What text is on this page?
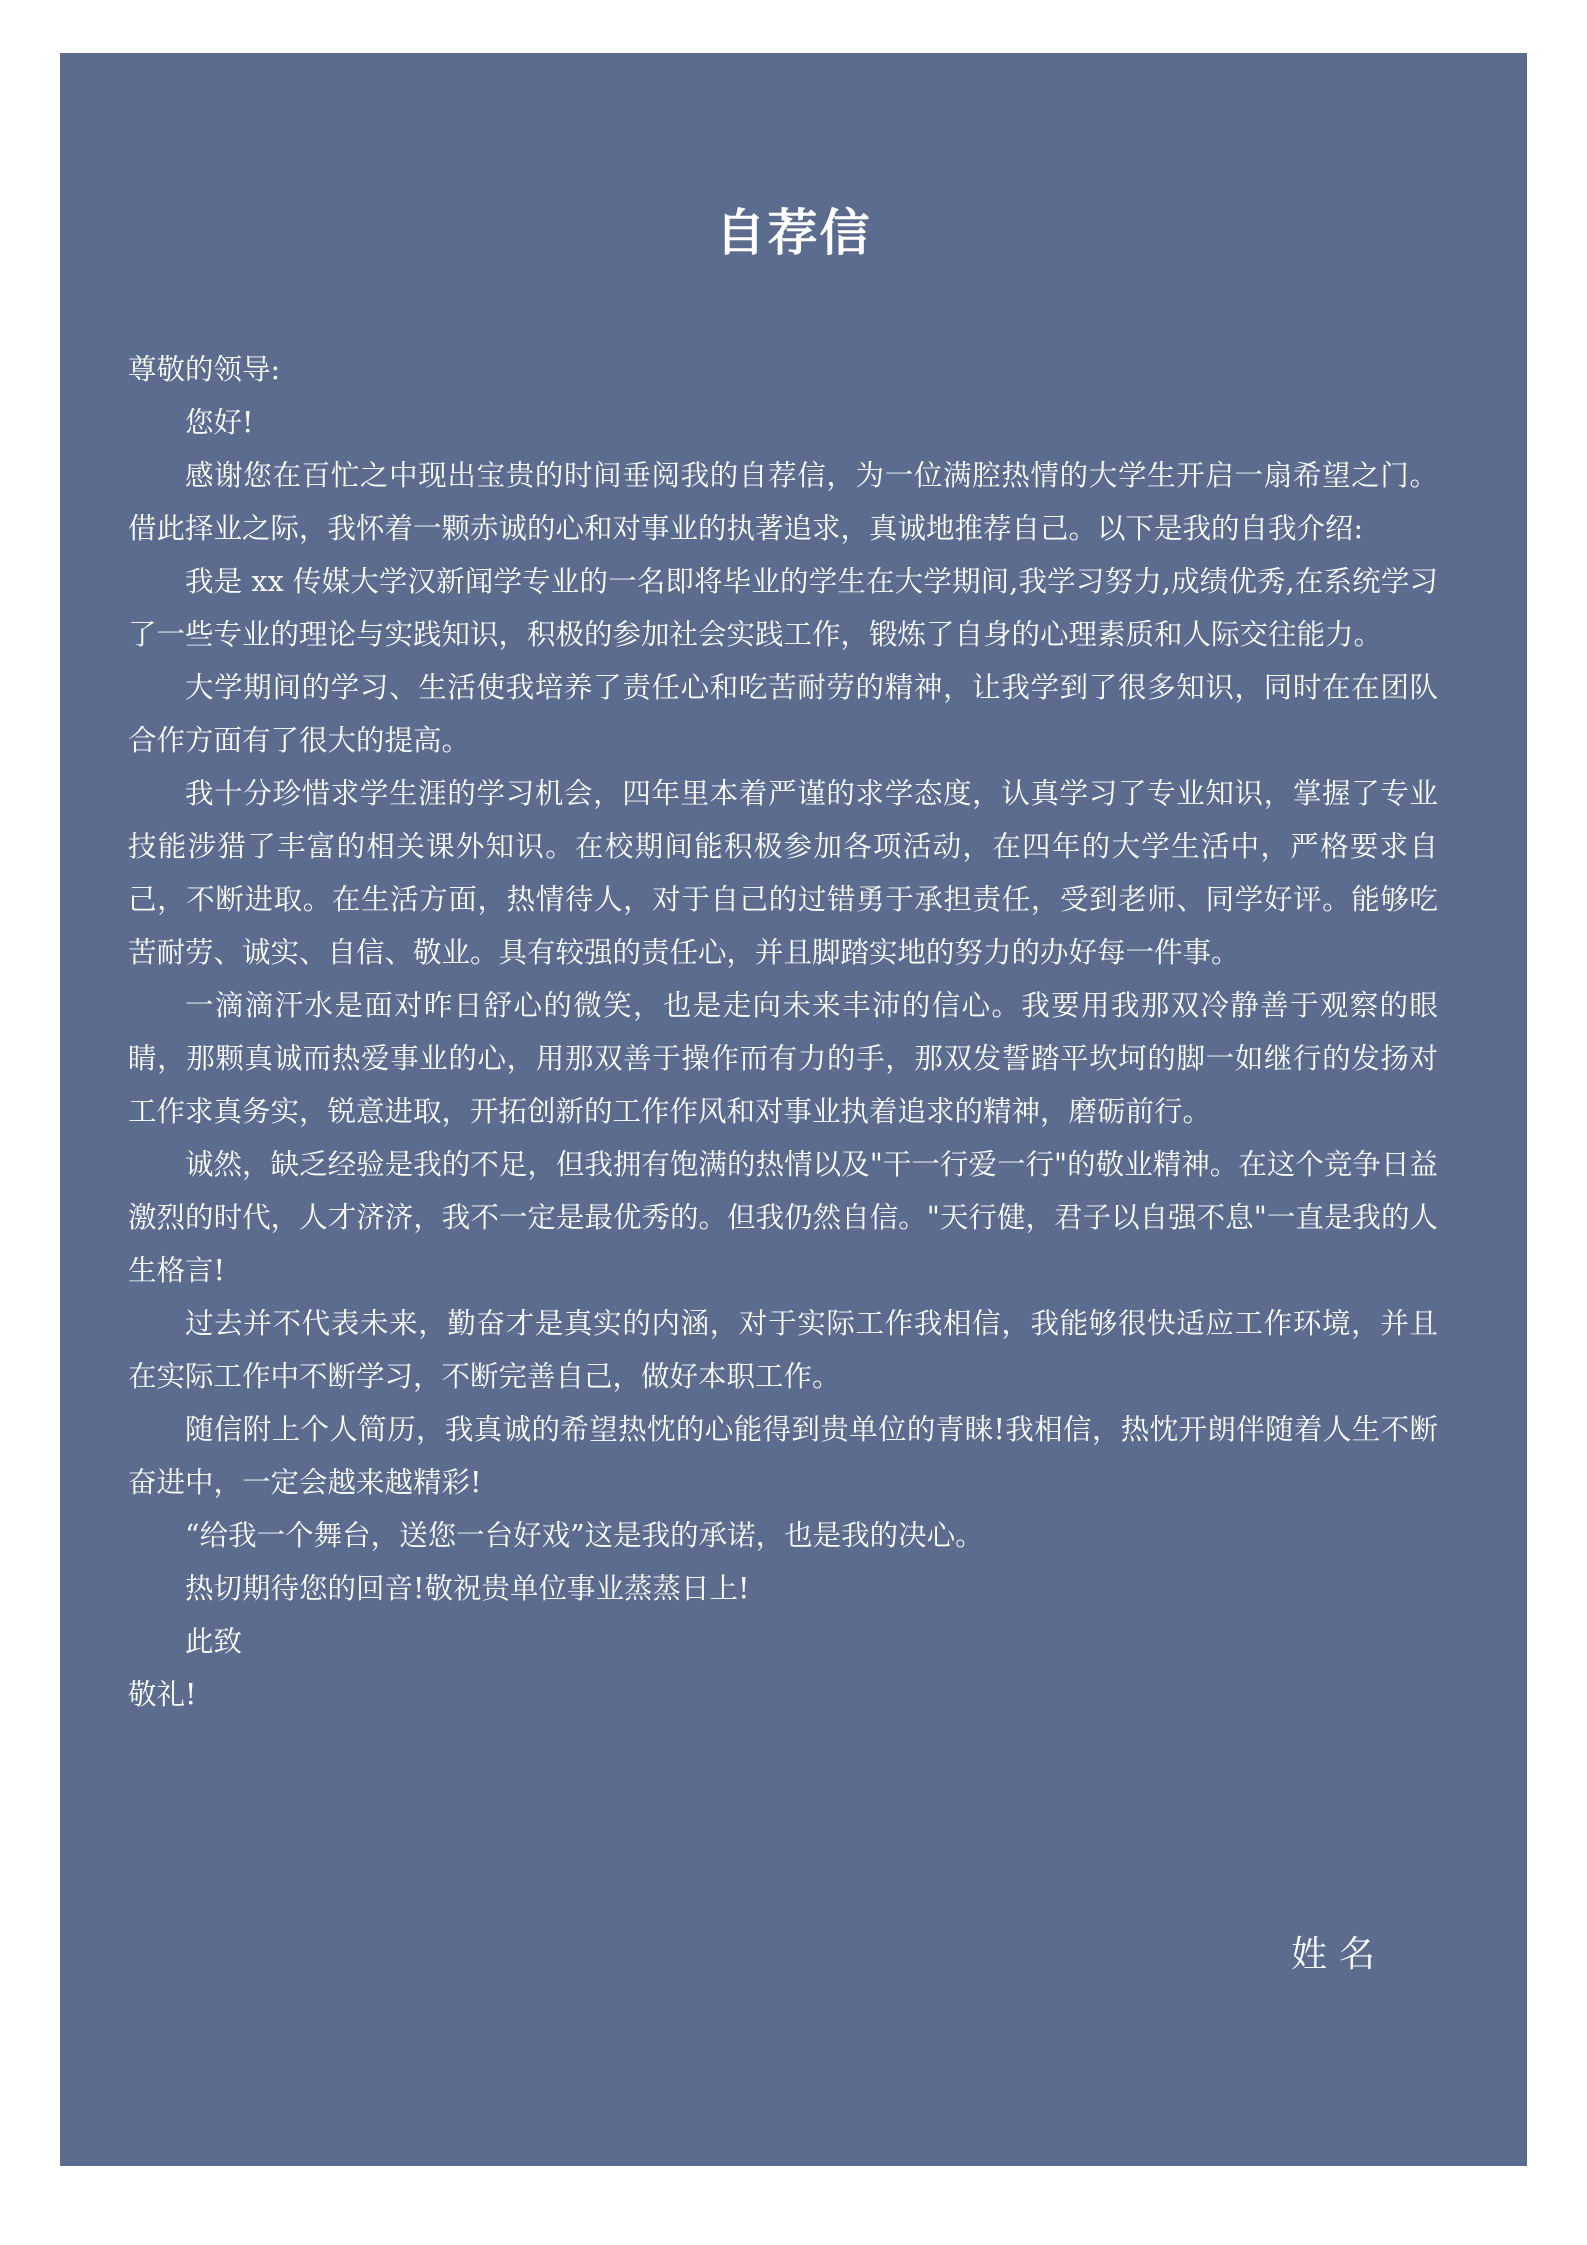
自荐信

尊敬的领导:

您好!

感谢您在百忙之中现出宝贵的时间垂阅我的自荐信，为一位满腔热情的大学生开启一扇希望之门。借此择业之际，我怀着一颗赤诚的心和对事业的执著追求，真诚地推荐自己。以下是我的自我介绍:

我是 xx 传媒大学汉新闻学专业的一名即将毕业的学生在大学期间,我学习努力,成绩优秀,在系统学习了一些专业的理论与实践知识，积极的参加社会实践工作，锻炼了自身的心理素质和人际交往能力。

大学期间的学习、生活使我培养了责任心和吃苦耐劳的精神，让我学到了很多知识，同时在在团队合作方面有了很大的提高。

我十分珍惜求学生涯的学习机会，四年里本着严谨的求学态度，认真学习了专业知识，掌握了专业技能涉猎了丰富的相关课外知识。在校期间能积极参加各项活动，在四年的大学生活中，严格要求自己，不断进取。在生活方面，热情待人，对于自己的过错勇于承担责任，受到老师、同学好评。能够吃苦耐劳、诚实、自信、敬业。具有较强的责任心，并且脚踏实地的努力的办好每一件事。

一滴滴汗水是面对昨日舒心的微笑，也是走向未来丰沛的信心。我要用我那双冷静善于观察的眼睛，那颗真诚而热爱事业的心，用那双善于操作而有力的手，那双发誓踏平坎坷的脚一如继行的发扬对工作求真务实，锐意进取，开拓创新的工作作风和对事业执着追求的精神，磨砺前行。

诚然，缺乏经验是我的不足，但我拥有饱满的热情以及"干一行爱一行"的敬业精神。在这个竞争日益激烈的时代，人才济济，我不一定是最优秀的。但我仍然自信。"天行健，君子以自强不息"一直是我的人生格言!

过去并不代表未来，勤奋才是真实的内涵，对于实际工作我相信，我能够很快适应工作环境，并且在实际工作中不断学习，不断完善自己，做好本职工作。

随信附上个人简历，我真诚的希望热忱的心能得到贵单位的青睐!我相信，热忱开朗伴随着人生不断奋进中，一定会越来越精彩!

“给我一个舞台，送您一台好戏”这是我的承诺，也是我的决心。

热切期待您的回音!敬祝贵单位事业蒸蒸日上!

此致

敬礼!

姓名
